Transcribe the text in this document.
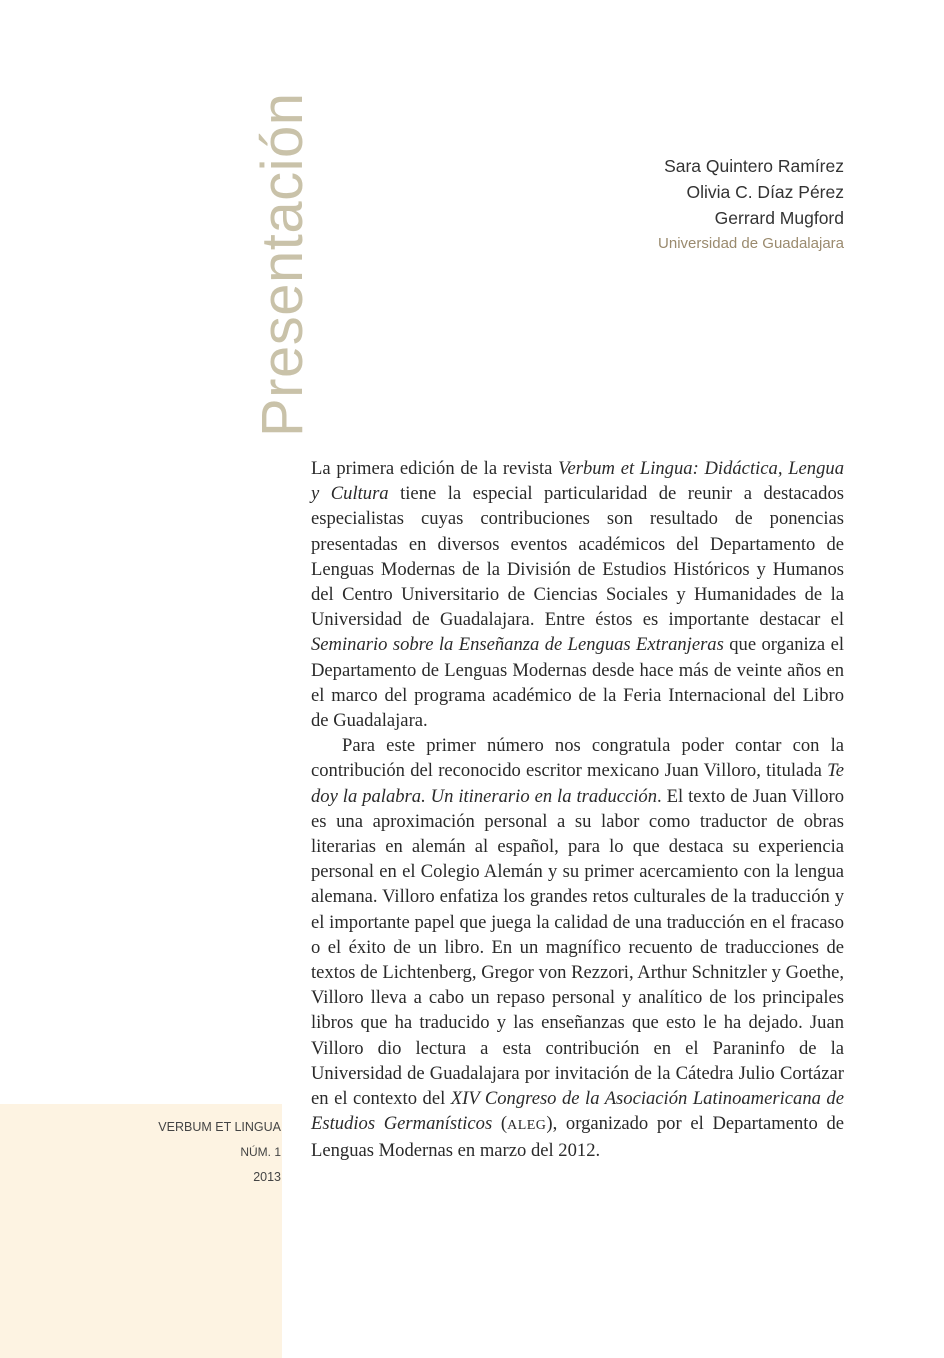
Presentación	Sara Quintero Ramírez
Olivia C. Díaz Pérez
Gerrard Mugford
Universidad de Guadalajara

La primera edición de la revista Verbum et Lingua: Didáctica, Lengua y Cultura tiene la especial particularidad de reunir a destacados especialistas cuyas contribuciones son resultado de ponencias presentadas en diversos eventos académicos del Departamento de Lenguas Modernas de la División de Estudios Históricos y Humanos del Centro Universitario de Ciencias Sociales y Humanidades de la Universidad de Guadalajara. Entre éstos es importante destacar el Seminario sobre la Enseñanza de Lenguas Extranjeras que organiza el Departamento de Lenguas Modernas desde hace más de veinte años en el marco del programa académico de la Feria Internacional del Libro de Guadalajara.

Para este primer número nos congratula poder contar con la contribución del reconocido escritor mexicano Juan Villoro, titulada Te doy la palabra. Un itinerario en la traducción. El texto de Juan Villoro es una aproximación personal a su labor como traductor de obras literarias en alemán al español, para lo que destaca su experiencia personal en el Colegio Alemán y su primer acercamiento con la lengua alemana. Villoro enfatiza los grandes retos culturales de la traducción y el importante papel que juega la calidad de una traducción en el fracaso o el éxito de un libro. En un magnífico recuento de traducciones de textos de Lichtenberg, Gregor von Rezzori, Arthur Schnitzler y Goethe, Villoro lleva a cabo un repaso personal y analítico de los principales libros que ha traducido y las enseñanzas que esto le ha dejado. Juan Villoro dio lectura a esta contribución en el Paraninfo de la Universidad de Guadalajara por invitación de la Cátedra Julio Cortázar en el contexto del XIV Congreso de la Asociación Latinoamericana de Estudios Germanísticos (ALEG), organizado por el Departamento de Lenguas Modernas en marzo del 2012.

VERBUM ET LINGUA
NÚM. 1
2013
